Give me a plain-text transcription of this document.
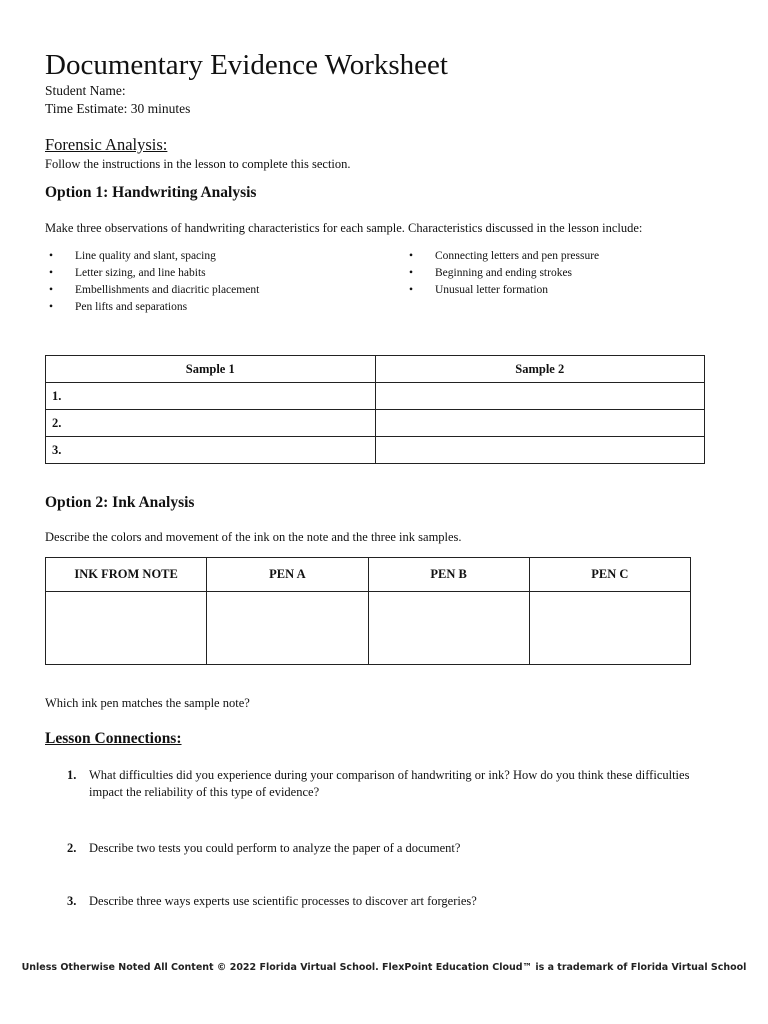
Documentary Evidence Worksheet

Student Name:

Time Estimate: 30 minutes

Forensic Analysis:

Follow the instructions in the lesson to complete this section.

Option 1: Handwriting Analysis

Make three observations of handwriting characteristics for each sample. Characteristics discussed in the lesson include:

• Line quality and slant, spacing
• Letter sizing, and line habits
• Embellishments and diacritic placement
• Pen lifts and separations
• Connecting letters and pen pressure
• Beginning and ending strokes
• Unusual letter formation
Sample 1	Sample 2
1.	
2.	
3.	
Option 2: Ink Analysis

Describe the colors and movement of the ink on the note and the three ink samples.

INK FROM NOTE	PEN A	PEN B	PEN C

Which ink pen matches the sample note?

Lesson Connections:
1.	What difficulties did you experience during your comparison of handwriting or ink? How do you think these difficulties impact the reliability of this type of evidence?
2.	Describe two tests you could perform to analyze the paper of a document?
3.	Describe three ways experts use scientific processes to discover art forgeries?
Unless Otherwise Noted All Content © 2022 Florida Virtual School. FlexPoint Education Cloud™ is a trademark of Florida Virtual School
